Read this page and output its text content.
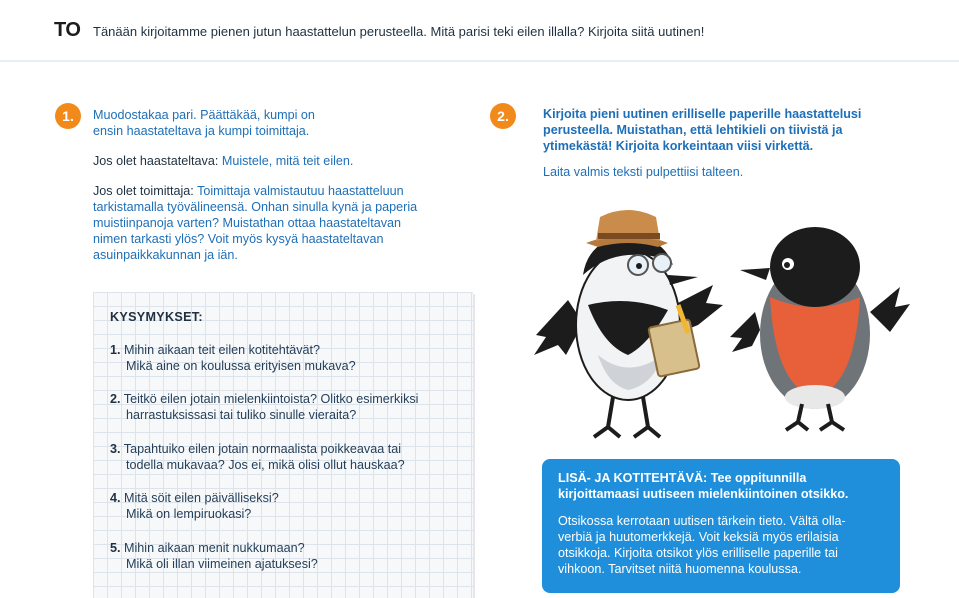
TO Tänään kirjoitamme pienen jutun haastattelun perusteella. Mitä parisi teki eilen illalla? Kirjoita siitä uutinen!
1.	Muodostakaa pari. Päättäkää, kumpi on
ensin haastateltava ja kumpi toimittaja.
Jos olet haastateltava: Muistele, mitä teit eilen.
Jos olet toimittaja: Toimittaja valmistautuu haastatteluun
tarkistamalla työvälineensä. Onhan sinulla kynä ja paperia
muistiinpanoja varten? Muistathan ottaa haastateltavan
nimen tarkasti ylös? Voit myös kysyä haastateltavan
asuinpaikkakunnan ja iän.
KYSYMYKSET:
1. Mihin aikaan teit eilen kotitehtävät?
Mikä aine on koulussa erityisen mukava?
2. Teitkö eilen jotain mielenkiintoista? Olitko esimerkiksi
harrastuksissasi tai tuliko sinulle vieraita?
3. Tapahtuiko eilen jotain normaalista poikkeavaa tai
todella mukavaa? Jos ei, mikä olisi ollut hauskaa?
4. Mitä söit eilen päivälliseksi?
Mikä on lempiruokasi?
5. Mihin aikaan menit nukkumaan?
Mikä oli illan viimeinen ajatuksesi?
2.	Kirjoita pieni uutinen erilliselle paperille haastattelusi
perusteella. Muistathan, että lehtikieli on tiivistä ja
ytimekästä! Kirjoita korkeintaan viisi virkettä.
Laita valmis teksti pulpettiisi talteen.
LISÄ- JA KOTITEHTÄVÄ: Tee oppitunnilla
kirjoittamaasi uutiseen mielenkiintoinen otsikko.
Otsikossa kerrotaan uutisen tärkein tieto. Vältä olla-
verbiä ja huutomerkkejä. Voit keksiä myös erilaisia
otsikkoja. Kirjoita otsikot ylös erilliselle paperille tai
vihkoon. Tarvitset niitä huomenna koulussa.
